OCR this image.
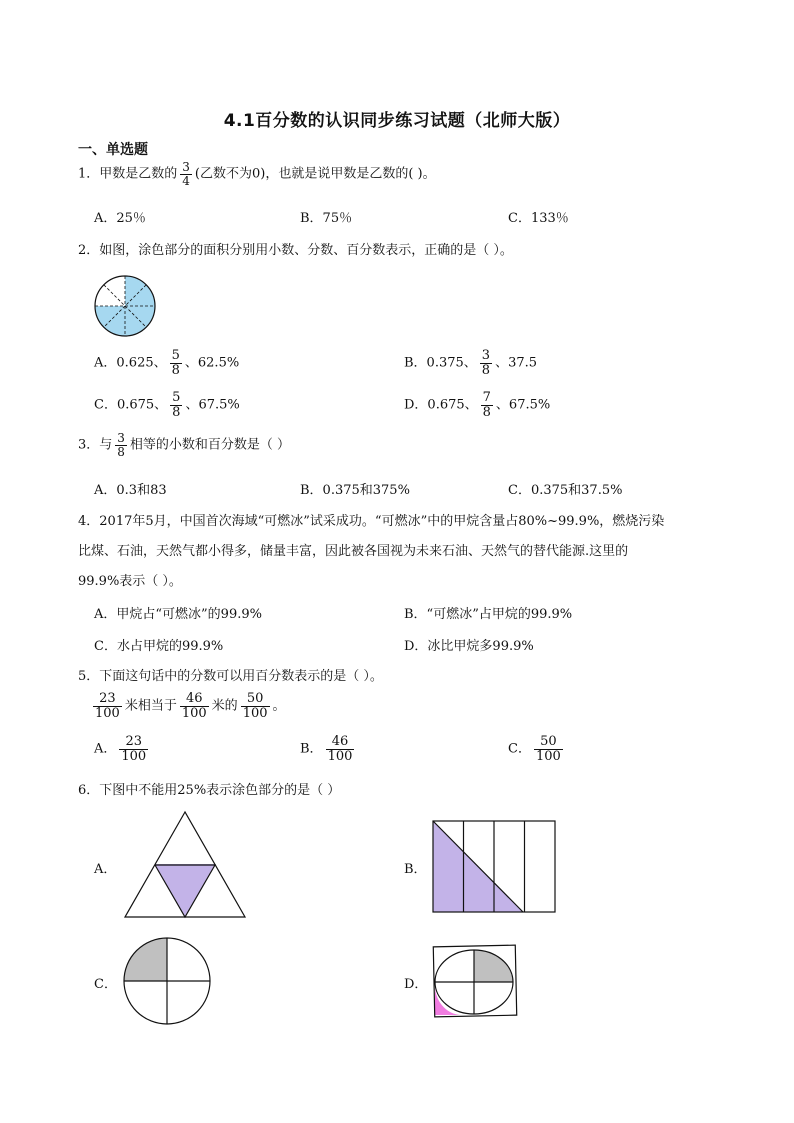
4.1百分数的认识同步练习试题（北师大版）
一、单选题
1．甲数是乙数的 $\frac{3}{4}$ (乙数不为0)，也就是说甲数是乙数的( )。
A．25％	B．75％	C．133％
2．如图，涂色部分的面积分别用小数、分数、百分数表示，正确的是（ ）。
A．0.625、 $\frac{5}{8}$ 、62.5%	B．0.375、 $\frac{3}{8}$ 、37.5
C．0.675、 $\frac{5}{8}$ 、67.5%	D．0.675、 $\frac{7}{8}$ 、67.5%
3．与 $\frac{3}{8}$ 相等的小数和百分数是（ ）
A．0.3和83	B．0.375和375%	C．0.375和37.5%
4．2017年5月，中国首次海域“可燃冰”试采成功。“可燃冰”中的甲烷含量占80%~99.9%，燃烧污染
比煤、石油，天然气都小得多，储量丰富，因此被各国视为未来石油、天然气的替代能源.这里的
99.9%表示（ ）。
A．甲烷占“可燃冰”的99.9%	B．“可燃冰”占甲烷的99.9%
C．水占甲烷的99.9%	D．冰比甲烷多99.9%
5．下面这句话中的分数可以用百分数表示的是（ ）。
$\frac{23}{100}$ 米相当于 $\frac{46}{100}$ 米的 $\frac{50}{100}$ 。
A． $\frac{23}{100}$	B． $\frac{46}{100}$	C． $\frac{50}{100}$
6．下图中不能用25%表示涂色部分的是（ ）
A．	B．
C．	D．
